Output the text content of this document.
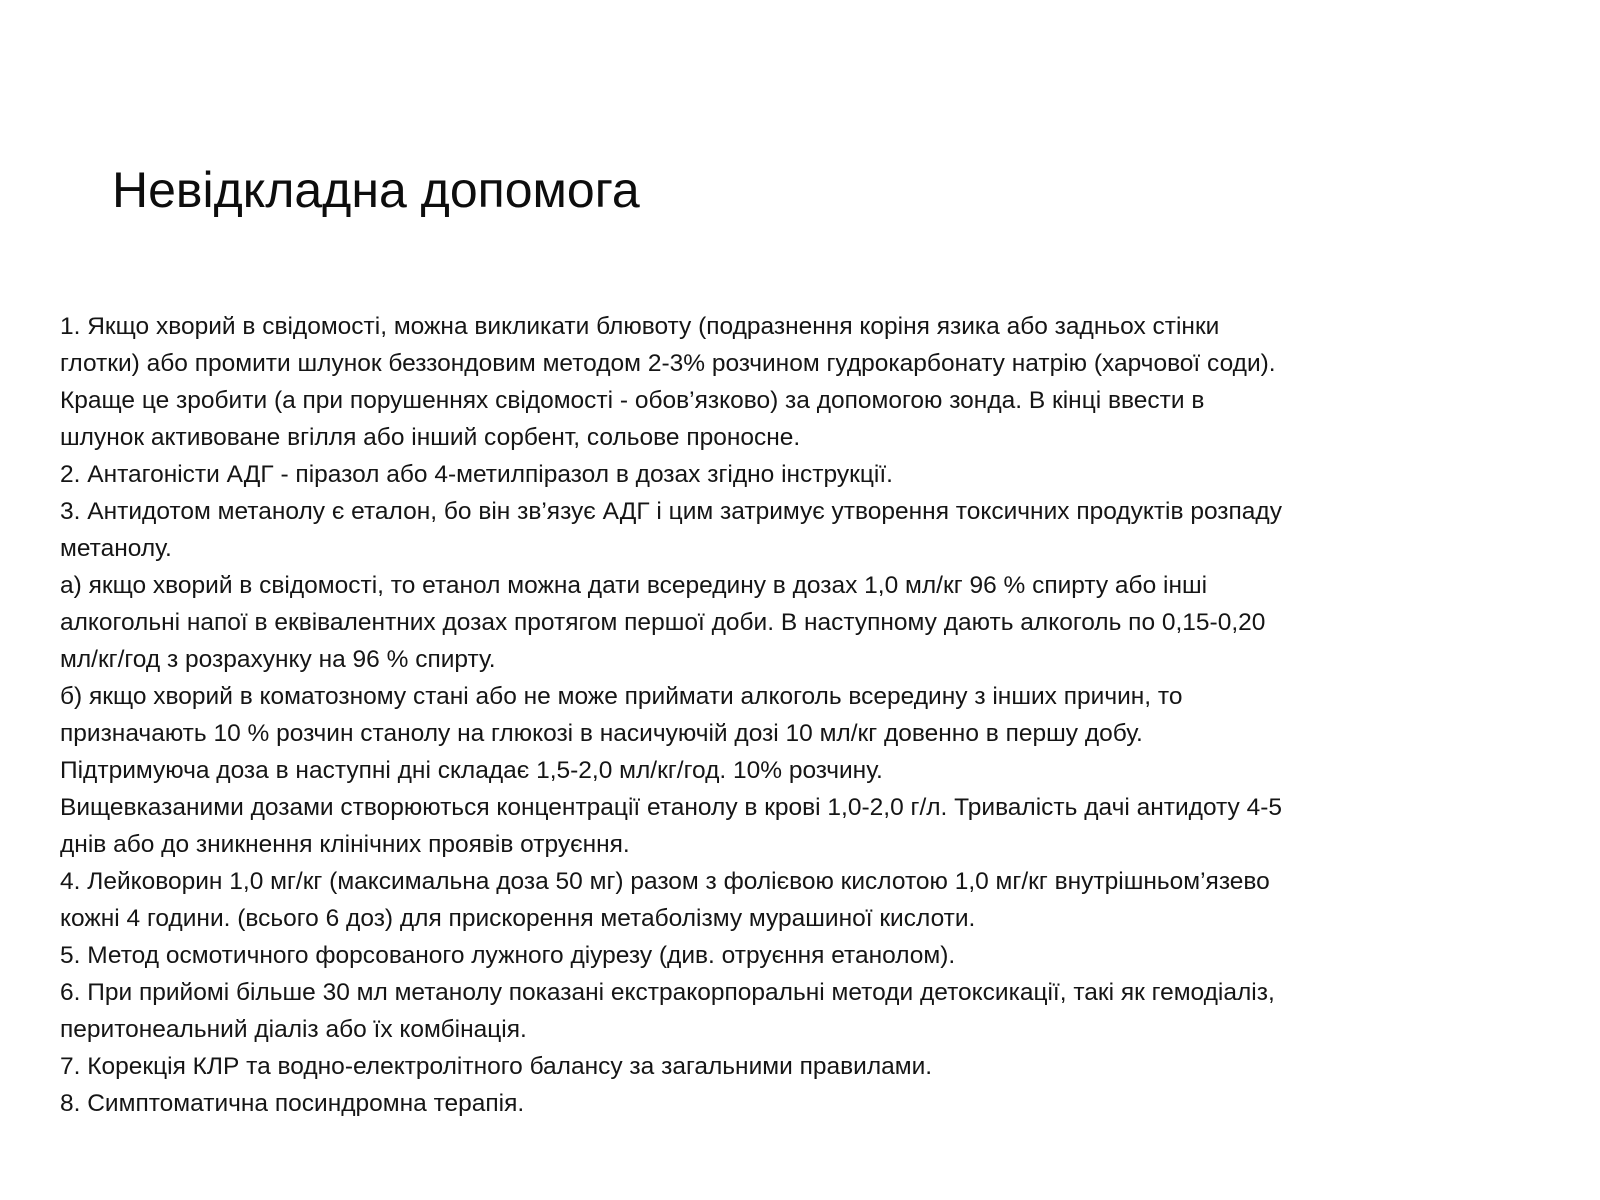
Невідкладна допомога
1. Якщо хворий в свідомості, можна викликати блювоту (подразнення коріня язика або задньох стінки
глотки) або промити шлунок беззондовим методом 2-3% розчином гудрокарбонату натрію (харчової соди).
Краще це зробити (а при порушеннях свідомості - обов’язково) за допомогою зонда. В кінці ввести в
шлунок активоване вгілля або інший сорбент, сольове проносне.
2. Антагоністи АДГ - піразол або 4-метилпіразол в дозах згідно інструкції.
3. Антидотом метанолу є еталон, бо він зв’язує АДГ і цим затримує утворення токсичних продуктів розпаду
метанолу.
а) якщо хворий в свідомості, то етанол можна дати всередину в дозах 1,0 мл/кг 96 % спирту або інші
алкогольні напої в еквівалентних дозах протягом першої доби. В наступному дають алкоголь по 0,15-0,20
мл/кг/год з розрахунку на 96 % спирту.
б) якщо хворий в коматозному стані або не може приймати алкоголь всередину з інших причин, то
призначають 10 % розчин станолу на глюкозі в насичуючій дозі 10 мл/кг довенно в першу добу.
Підтримуюча доза в наступні дні складає 1,5-2,0 мл/кг/год. 10% розчину.
Вищевказаними дозами створюються концентрації етанолу в крові 1,0-2,0 г/л. Тривалість дачі антидоту 4-5
днів або до зникнення клінічних проявів отруєння.
4. Лейковорин 1,0 мг/кг (максимальна доза 50 мг) разом з фолієвою кислотою 1,0 мг/кг внутрішньом’язево
кожні 4 години. (всього 6 доз) для прискорення метаболізму мурашиної кислоти.
5. Метод осмотичного форсованого лужного діурезу (див. отруєння етанолом).
6. При прийомі більше 30 мл метанолу показані екстракорпоральні методи детоксикації, такі як гемодіаліз,
перитонеальний діаліз або їх комбінація.
7. Корекція КЛР та водно-електролітного балансу за загальними правилами.
8. Симптоматична посиндромна терапія.
